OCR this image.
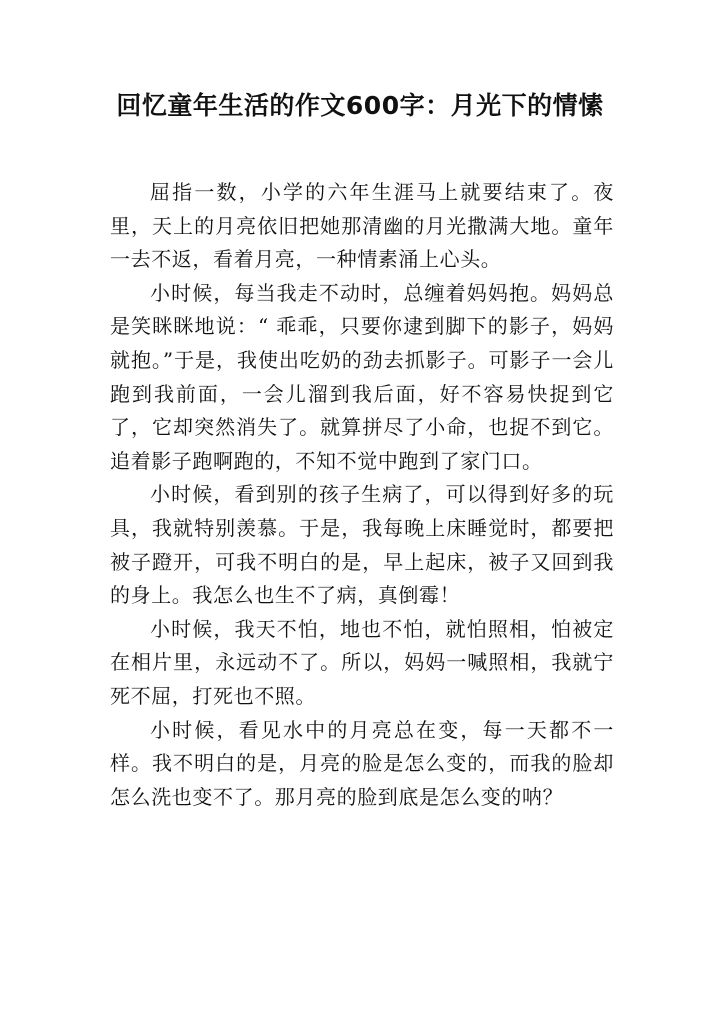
回忆童年生活的作文600字：月光下的情愫

屈指一数，小学的六年生涯马上就要结束了。夜里，天上的月亮依旧把她那清幽的月光撒满大地。童年一去不返，看着月亮，一种情素涌上心头。

小时候，每当我走不动时，总缠着妈妈抱。妈妈总是笑眯眯地说：“ 乖乖，只要你逮到脚下的影子，妈妈就抱。”于是，我使出吃奶的劲去抓影子。可影子一会儿跑到我前面，一会儿溜到我后面，好不容易快捉到它了，它却突然消失了。就算拼尽了小命，也捉不到它。追着影子跑啊跑的，不知不觉中跑到了家门口。

小时候，看到别的孩子生病了，可以得到好多的玩具，我就特别羡慕。于是，我每晚上床睡觉时，都要把被子蹬开，可我不明白的是，早上起床，被子又回到我的身上。我怎么也生不了病，真倒霉！

小时候，我天不怕，地也不怕，就怕照相，怕被定在相片里，永远动不了。所以，妈妈一喊照相，我就宁死不屈，打死也不照。

小时候，看见水中的月亮总在变，每一天都不一样。我不明白的是，月亮的脸是怎么变的，而我的脸却怎么洗也变不了。那月亮的脸到底是怎么变的呐？
